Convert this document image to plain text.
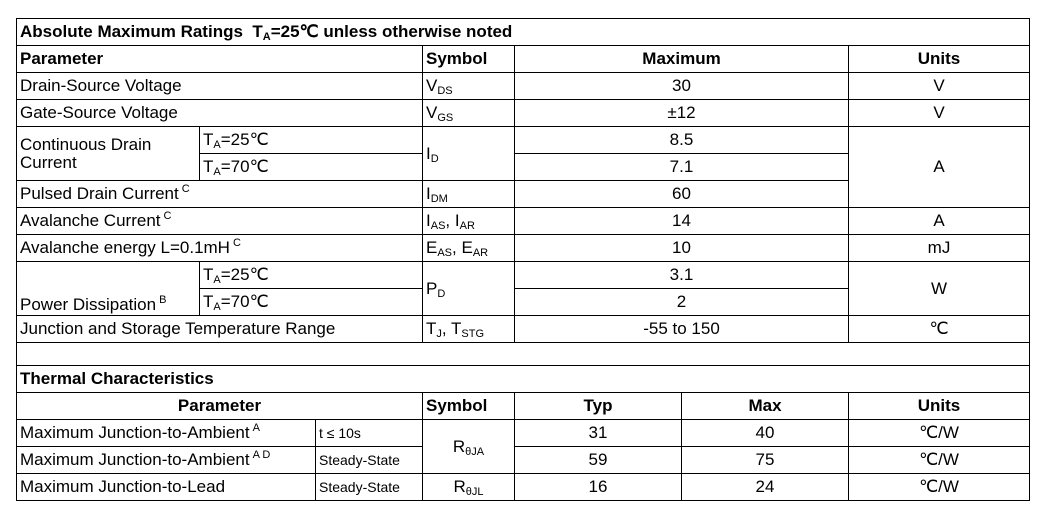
Absolute Maximum Ratings  $T_A=25℃$ unless otherwise noted						
Parameter			Symbol	Maximum		Units
Drain-Source Voltage			$V_{DS}$	30		V
Gate-Source Voltage			$V_{GS}$	±12		V
Continuous Drain
Current	$T_A=25℃$		$I_D$	8.5		A
	$T_A=70℃$			7.1		
Pulsed Drain Current $^C$			$I_{DM}$	60		
Avalanche Current $^C$			$I_{AS}$, $I_{AR}$	14		A
Avalanche energy L=0.1mH $^C$			$E_{AS}$, $E_{AR}$	10		mJ
Power Dissipation $^B$	$T_A=25℃$		$P_D$	3.1		W
	$T_A=70℃$			2		
Junction and Storage Temperature Range			$T_J$, $T_{STG}$	-55 to 150		℃

Thermal Characteristics						
Parameter			Symbol	Typ	Max	Units
Maximum Junction-to-Ambient $^A$		t ≤ 10s	$R_{\theta JA}$	31	40	℃/W
Maximum Junction-to-Ambient $^{A D}$		Steady-State		59	75	℃/W
Maximum Junction-to-Lead		Steady-State	$R_{\theta JL}$	16	24	℃/W
